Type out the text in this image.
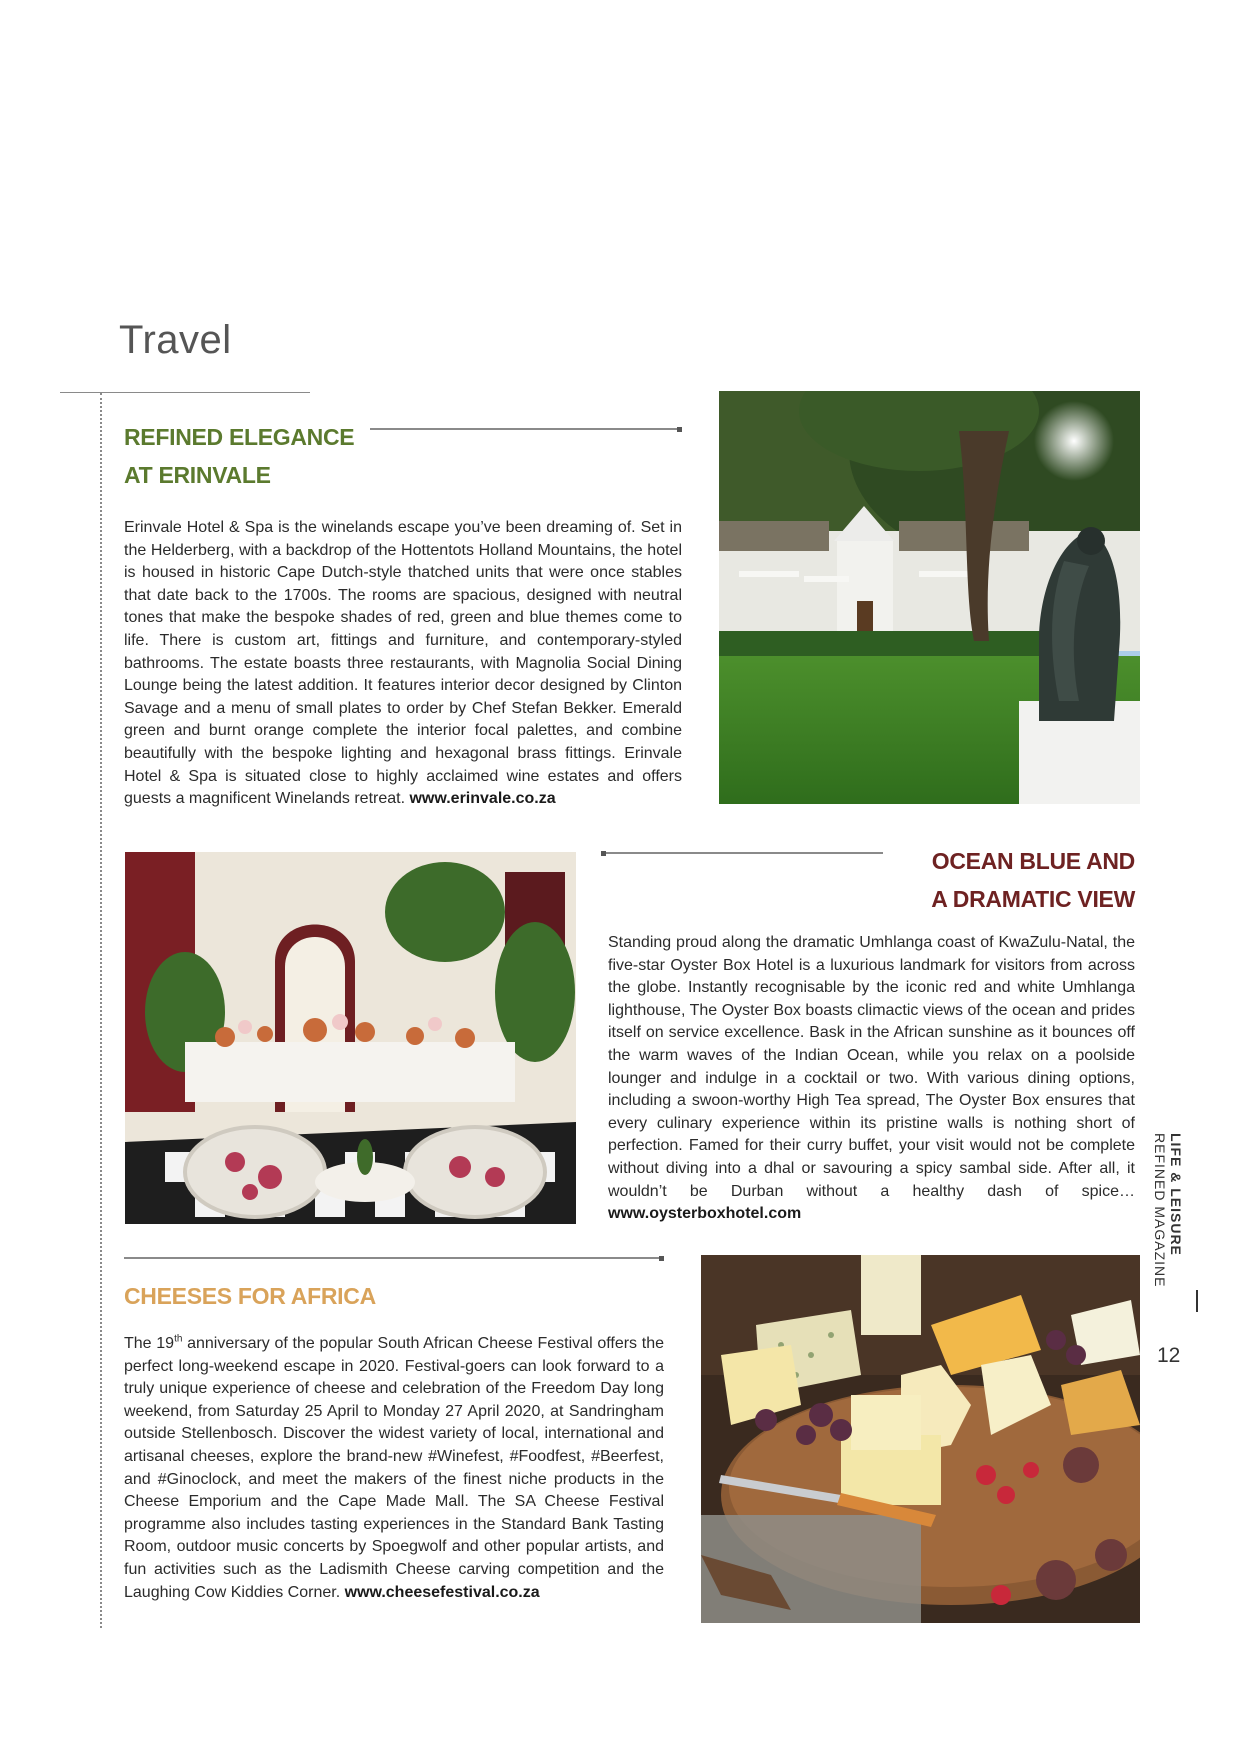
Travel
REFINED ELEGANCE
AT ERINVALE
Erinvale Hotel & Spa is the winelands escape you’ve been dreaming of. Set in the Helderberg, with a backdrop of the Hottentots Holland Mountains, the hotel is housed in historic Cape Dutch-style thatched units that were once stables that date back to the 1700s. The rooms are spacious, designed with neutral tones that make the bespoke shades of red, green and blue themes come to life. There is custom art, fittings and furniture, and contemporary-styled bathrooms. The estate boasts three restaurants, with Magnolia Social Dining Lounge being the latest addition. It features interior decor designed by Clinton Savage and a menu of small plates to order by Chef Stefan Bekker. Emerald green and burnt orange complete the interior focal palettes, and combine beautifully with the bespoke lighting and hexagonal brass fittings. Erinvale Hotel & Spa is situated close to highly acclaimed wine estates and offers guests a magnificent Winelands retreat. www.erinvale.co.za
OCEAN BLUE AND
A DRAMATIC VIEW
Standing proud along the dramatic Umhlanga coast of KwaZulu-Natal, the five-star Oyster Box Hotel is a luxurious landmark for visitors from across the globe. Instantly recognisable by the iconic red and white Umhlanga lighthouse, The Oyster Box boasts climactic views of the ocean and prides itself on service excellence. Bask in the African sunshine as it bounces off the warm waves of the Indian Ocean, while you relax on a poolside lounger and indulge in a cocktail or two. With various dining options, including a swoon-worthy High Tea spread, The Oyster Box ensures that every culinary experience within its pristine walls is nothing short of perfection. Famed for their curry buffet, your visit would not be complete without diving into a dhal or savouring a spicy sambal side. After all, it wouldn’t be Durban without a healthy dash of spice…www.oysterboxhotel.com
CHEESES FOR AFRICA
The 19th anniversary of the popular South African Cheese Festival offers the perfect long-weekend escape in 2020. Festival-goers can look forward to a truly unique experience of cheese and celebration of the Freedom Day long weekend, from Saturday 25 April to Monday 27 April 2020, at Sandringham outside Stellenbosch. Discover the widest variety of local, international and artisanal cheeses, explore the brand-new #Winefest, #Foodfest, #Beerfest, and #Ginoclock, and meet the makers of the finest niche products in the Cheese Emporium and the Cape Made Mall. The SA Cheese Festival programme also includes tasting experiences in the Standard Bank Tasting Room, outdoor music concerts by Spoegwolf and other popular artists, and fun activities such as the Ladismith Cheese carving competition and the Laughing Cow Kiddies Corner. www.cheesefestival.co.za
LIFE & LEISURE
REFINED MAGAZINE
12
